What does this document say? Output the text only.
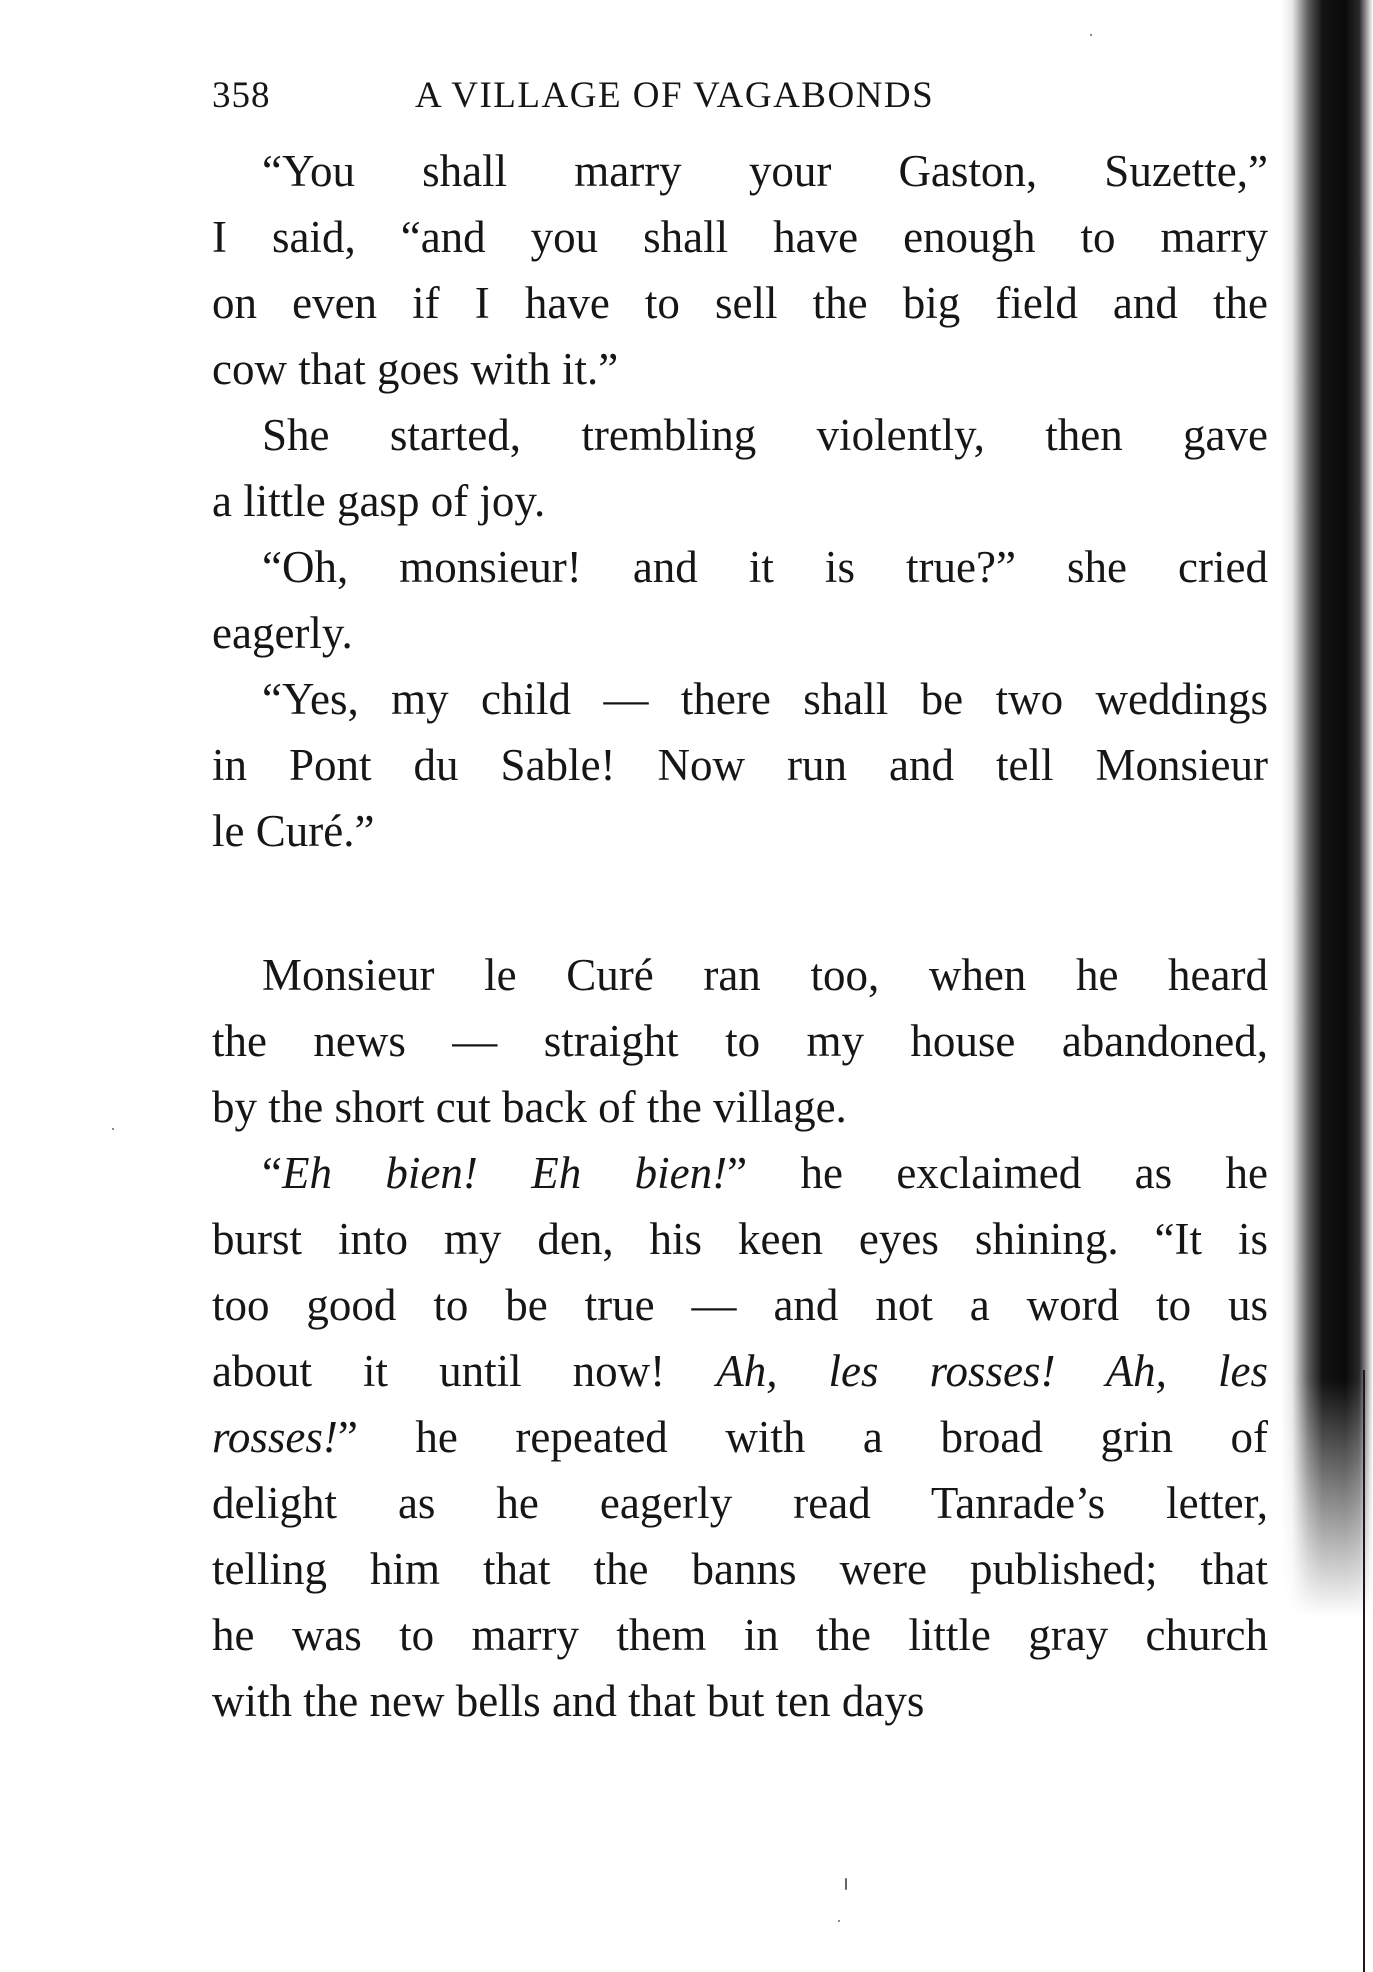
358	A VILLAGE OF VAGABONDS
“You shall marry your Gaston, Suzette,”
I said, “and you shall have enough to marry
on even if I have to sell the big field and the
cow that goes with it.”
She started, trembling violently, then gave
a little gasp of joy.
“Oh, monsieur! and it is true?” she cried
eagerly.
“Yes, my child — there shall be two weddings
in Pont du Sable! Now run and tell Monsieur
le Curé.”
Monsieur le Curé ran too, when he heard
the news — straight to my house abandoned,
by the short cut back of the village.
“Eh bien! Eh bien!” he exclaimed as he
burst into my den, his keen eyes shining. “It is
too good to be true — and not a word to us
about it until now! Ah, les rosses! Ah, les
rosses!” he repeated with a broad grin of
delight as he eagerly read Tanrade’s letter,
telling him that the banns were published; that
he was to marry them in the little gray church
with the new bells and that but ten days
